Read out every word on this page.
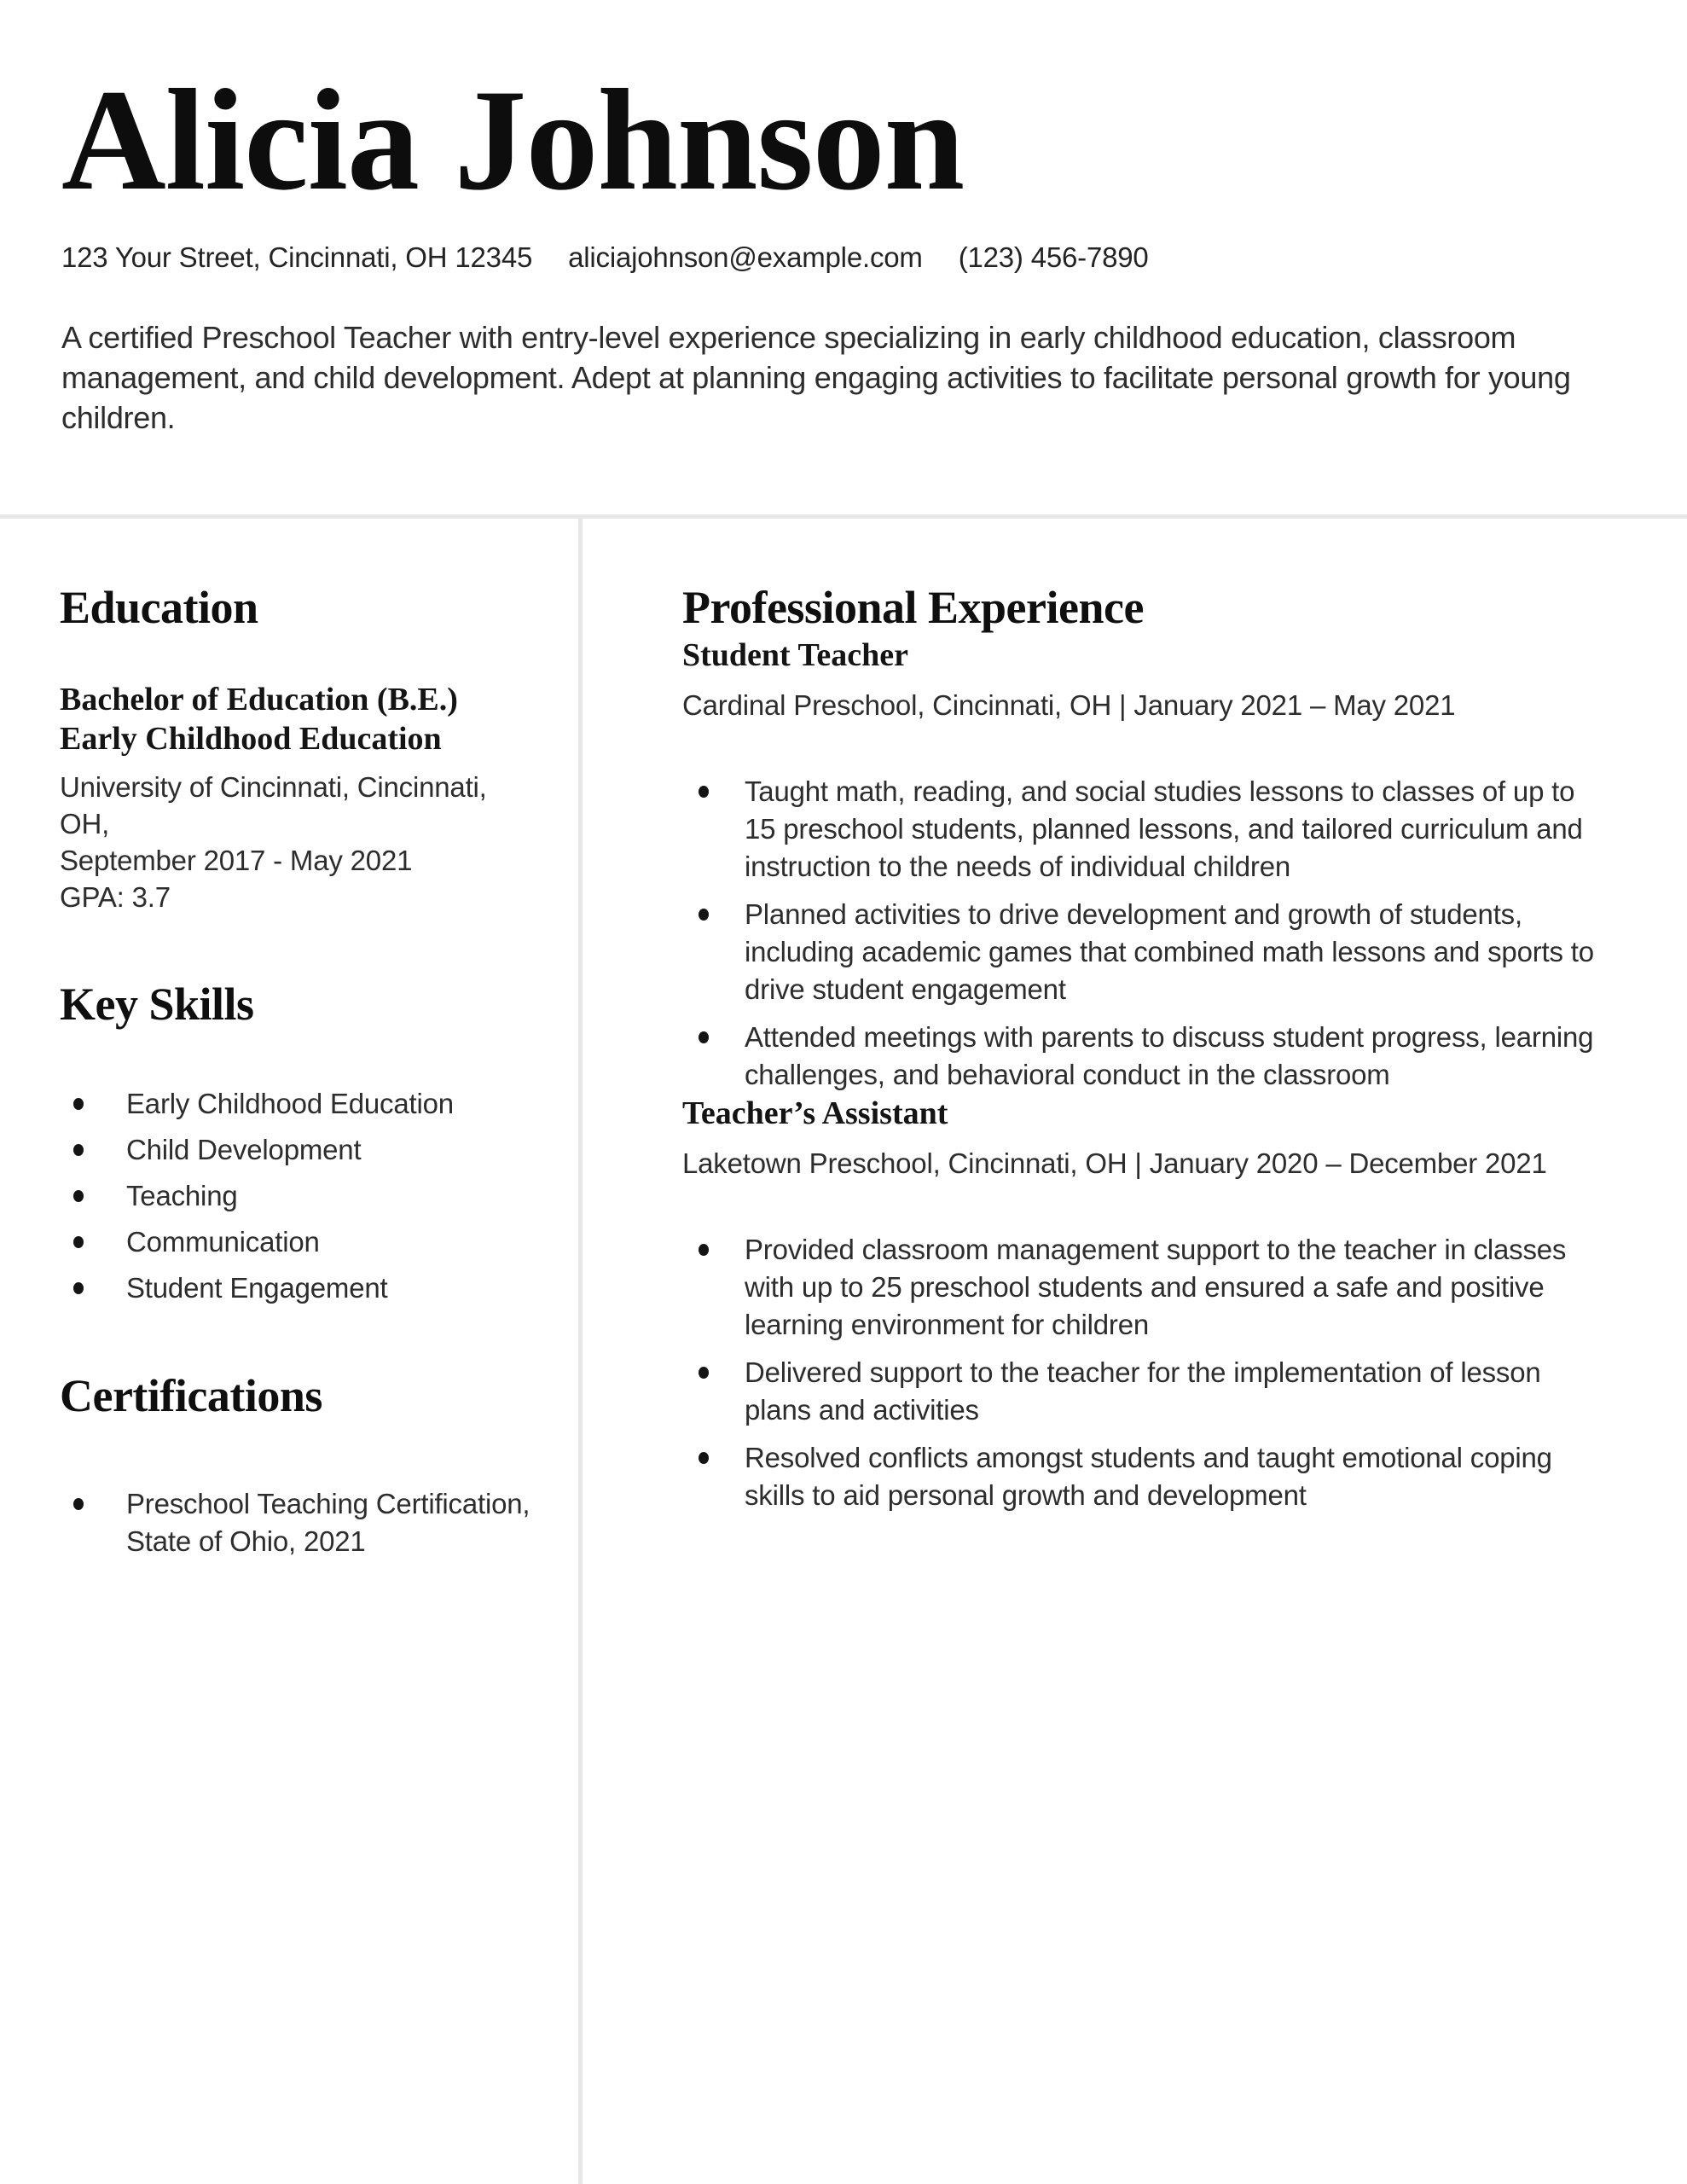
Alicia Johnson
123 Your Street, Cincinnati, OH 12345 aliciajohnson@example.com (123) 456-7890

A certified Preschool Teacher with entry-level experience specializing in early childhood education, classroom management, and child development. Adept at planning engaging activities to facilitate personal growth for young children.

Education
Bachelor of Education (B.E.)
Early Childhood Education
University of Cincinnati, Cincinnati, OH,
September 2017 - May 2021
GPA: 3.7
Key Skills
Early Childhood Education
Child Development
Teaching
Communication
Student Engagement
Certifications
Preschool Teaching Certification, State of Ohio, 2021
Professional Experience
Student Teacher
Cardinal Preschool, Cincinnati, OH | January 2021 – May 2021
Taught math, reading, and social studies lessons to classes of up to 15 preschool students, planned lessons, and tailored curriculum and instruction to the needs of individual children
Planned activities to drive development and growth of students, including academic games that combined math lessons and sports to drive student engagement
Attended meetings with parents to discuss student progress, learning challenges, and behavioral conduct in the classroom
Teacher’s Assistant
Laketown Preschool, Cincinnati, OH | January 2020 – December 2021
Provided classroom management support to the teacher in classes with up to 25 preschool students and ensured a safe and positive learning environment for children
Delivered support to the teacher for the implementation of lesson plans and activities
Resolved conflicts amongst students and taught emotional coping skills to aid personal growth and development
